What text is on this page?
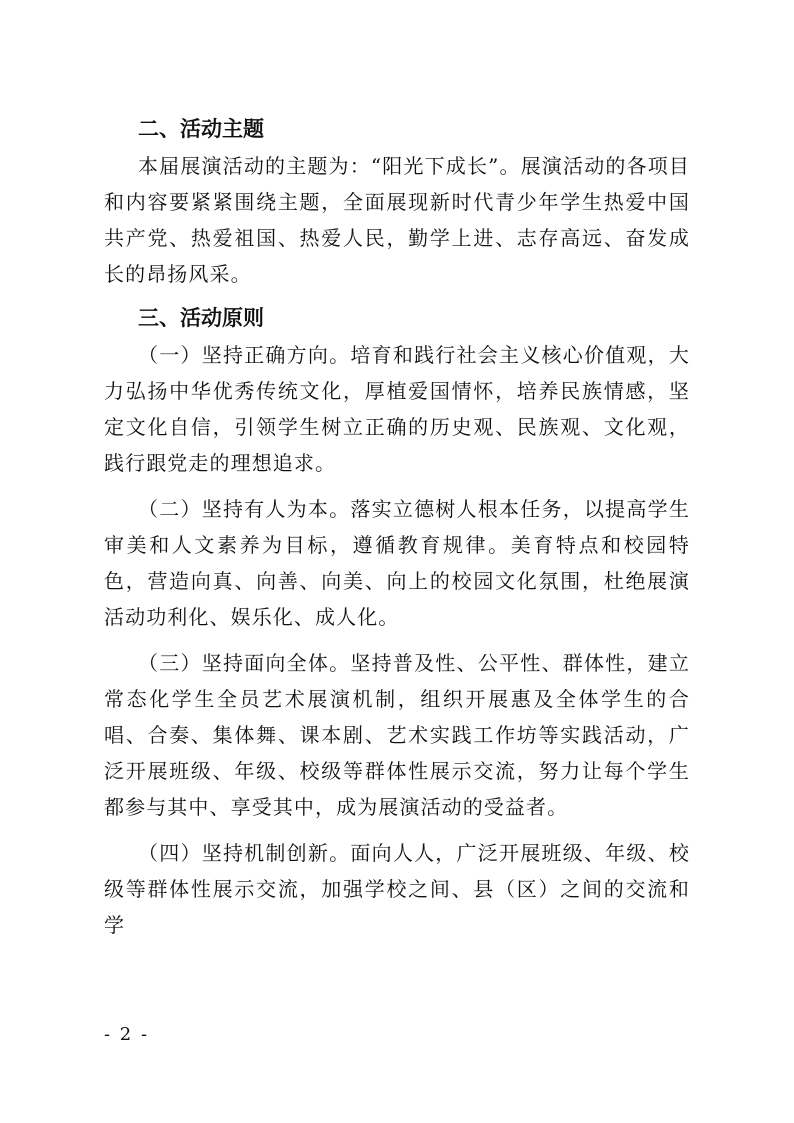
二、活动主题

本届展演活动的主题为：“阳光下成长”。展演活动的各项目和内容要紧紧围绕主题，全面展现新时代青少年学生热爱中国共产党、热爱祖国、热爱人民，勤学上进、志存高远、奋发成长的昂扬风采。

三、活动原则

（一）坚持正确方向。培育和践行社会主义核心价值观，大力弘扬中华优秀传统文化，厚植爱国情怀，培养民族情感，坚定文化自信，引领学生树立正确的历史观、民族观、文化观，践行跟党走的理想追求。

（二）坚持有人为本。落实立德树人根本任务，以提高学生审美和人文素养为目标，遵循教育规律。美育特点和校园特色，营造向真、向善、向美、向上的校园文化氛围，杜绝展演活动功利化、娱乐化、成人化。

（三）坚持面向全体。坚持普及性、公平性、群体性，建立常态化学生全员艺术展演机制，组织开展惠及全体学生的合唱、合奏、集体舞、课本剧、艺术实践工作坊等实践活动，广泛开展班级、年级、校级等群体性展示交流，努力让每个学生都参与其中、享受其中，成为展演活动的受益者。

（四）坚持机制创新。面向人人，广泛开展班级、年级、校级等群体性展示交流，加强学校之间、县（区）之间的交流和学

- 2 -
